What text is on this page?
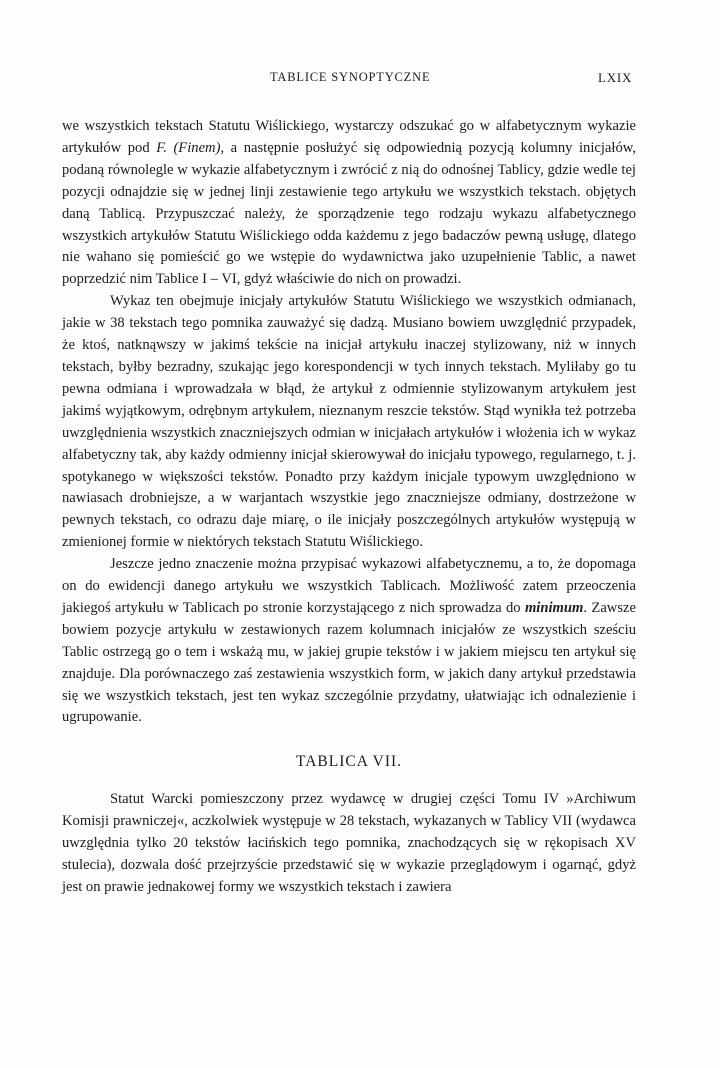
TABLICE SYNOPTYCZNE	LXIX

we wszystkich tekstach Statutu Wiślickiego, wystarczy odszukać go w alfabetycznym wykazie artykułów pod F. (Finem), a następnie posłużyć się odpowiednią pozycją kolumny inicjałów, podaną równolegle w wykazie alfabetycznym i zwrócić z nią do odnośnej Tablicy, gdzie wedle tej pozycji odnajdzie się w jednej linji zestawienie tego artykułu we wszystkich tekstach. objętych daną Tablicą. Przypuszczać należy, że sporządzenie tego rodzaju wykazu alfabetycznego wszystkich artykułów Statutu Wiślickiego odda każdemu z jego badaczów pewną usługę, dlatego nie wahano się pomieścić go we wstępie do wydawnictwa jako uzupełnienie Tablic, a nawet poprzedzić nim Tablice I – VI, gdyż właściwie do nich on prowadzi.

Wykaz ten obejmuje inicjały artykułów Statutu Wiślickiego we wszystkich odmianach, jakie w 38 tekstach tego pomnika zauważyć się dadzą. Musiano bowiem uwzględnić przypadek, że ktoś, natknąwszy w jakimś tekście na inicjał artykułu inaczej stylizowany, niż w innych tekstach, byłby bezradny, szukając jego korespondencji w tych innych tekstach. Myliłaby go tu pewna odmiana i wprowadzała w błąd, że artykuł z odmiennie stylizowanym artykułem jest jakimś wyjątkowym, odrębnym artykułem, nieznanym reszcie tekstów. Stąd wynikła też potrzeba uwzględnienia wszystkich znaczniejszych odmian w inicjałach artykułów i włożenia ich w wykaz alfabetyczny tak, aby każdy odmienny inicjał skierowywał do inicjału typowego, regularnego, t. j. spotykanego w większości tekstów. Ponadto przy każdym inicjale typowym uwzględniono w nawiasach drobniejsze, a w warjantach wszystkie jego znaczniejsze odmiany, dostrzeżone w pewnych tekstach, co odrazu daje miarę, o ile inicjały poszczególnych artykułów występują w zmienionej formie w niektórych tekstach Statutu Wiślickiego.

Jeszcze jedno znaczenie można przypisać wykazowi alfabetycznemu, a to, że dopomaga on do ewidencji danego artykułu we wszystkich Tablicach. Możliwość zatem przeoczenia jakiegoś artykułu w Tablicach po stronie korzystającego z nich sprowadza do minimum. Zawsze bowiem pozycje artykułu w zestawionych razem kolumnach inicjałów ze wszystkich sześciu Tablic ostrzegą go o tem i wskażą mu, w jakiej grupie tekstów i w jakiem miejscu ten artykuł się znajduje. Dla porównaczego zaś zestawienia wszystkich form, w jakich dany artykuł przedstawia się we wszystkich tekstach, jest ten wykaz szczególnie przydatny, ułatwiając ich odnalezienie i ugrupowanie.

TABLICA VII.

Statut Warcki pomieszczony przez wydawcę w drugiej części Tomu IV »Archiwum Komisji prawniczej«, aczkolwiek występuje w 28 tekstach, wykazanych w Tablicy VII (wydawca uwzględnia tylko 20 tekstów łacińskich tego pomnika, znachodzących się w rękopisach XV stulecia), dozwala dość przejrzyście przedstawić się w wykazie przeglądowym i ogarnąć, gdyż jest on prawie jednakowej formy we wszystkich tekstach i zawiera
